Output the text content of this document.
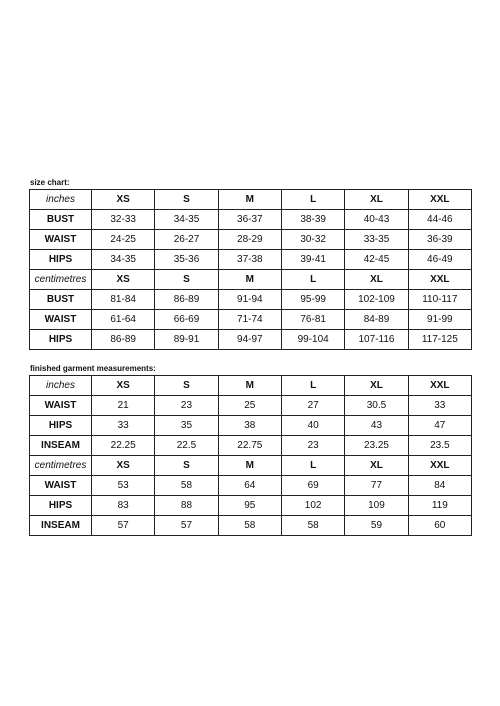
size chart:
inches	XS	S	M	L	XL	XXL
BUST	32-33	34-35	36-37	38-39	40-43	44-46
WAIST	24-25	26-27	28-29	30-32	33-35	36-39
HIPS	34-35	35-36	37-38	39-41	42-45	46-49
centimetres	XS	S	M	L	XL	XXL
BUST	81-84	86-89	91-94	95-99	102-109	110-117
WAIST	61-64	66-69	71-74	76-81	84-89	91-99
HIPS	86-89	89-91	94-97	99-104	107-116	117-125
finished garment measurements:
inches	XS	S	M	L	XL	XXL
WAIST	21	23	25	27	30.5	33
HIPS	33	35	38	40	43	47
INSEAM	22.25	22.5	22.75	23	23.25	23.5
centimetres	XS	S	M	L	XL	XXL
WAIST	53	58	64	69	77	84
HIPS	83	88	95	102	109	119
INSEAM	57	57	58	58	59	60
